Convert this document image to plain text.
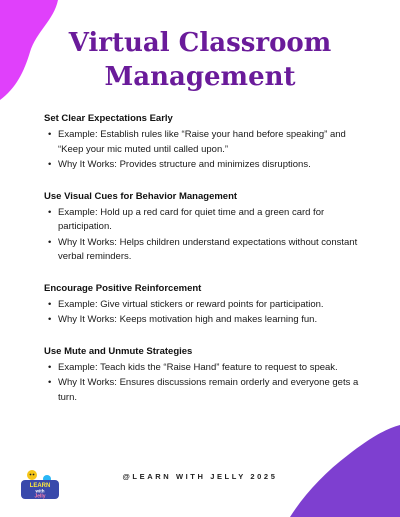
Virtual Classroom
Management
Set Clear Expectations Early
• Example: Establish rules like “Raise your hand before speaking” and “Keep your mic muted until called upon.”
• Why It Works: Provides structure and minimizes disruptions.
Use Visual Cues for Behavior Management
• Example: Hold up a red card for quiet time and a green card for participation.
• Why It Works: Helps children understand expectations without constant verbal reminders.
Encourage Positive Reinforcement
• Example: Give virtual stickers or reward points for participation.
• Why It Works: Keeps motivation high and makes learning fun.
Use Mute and Unmute Strategies
• Example: Teach kids the “Raise Hand” feature to request to speak.
• Why It Works: Ensures discussions remain orderly and everyone gets a turn.
LEARN
with
Jelly
@LEARN WITH JELLY 2025
